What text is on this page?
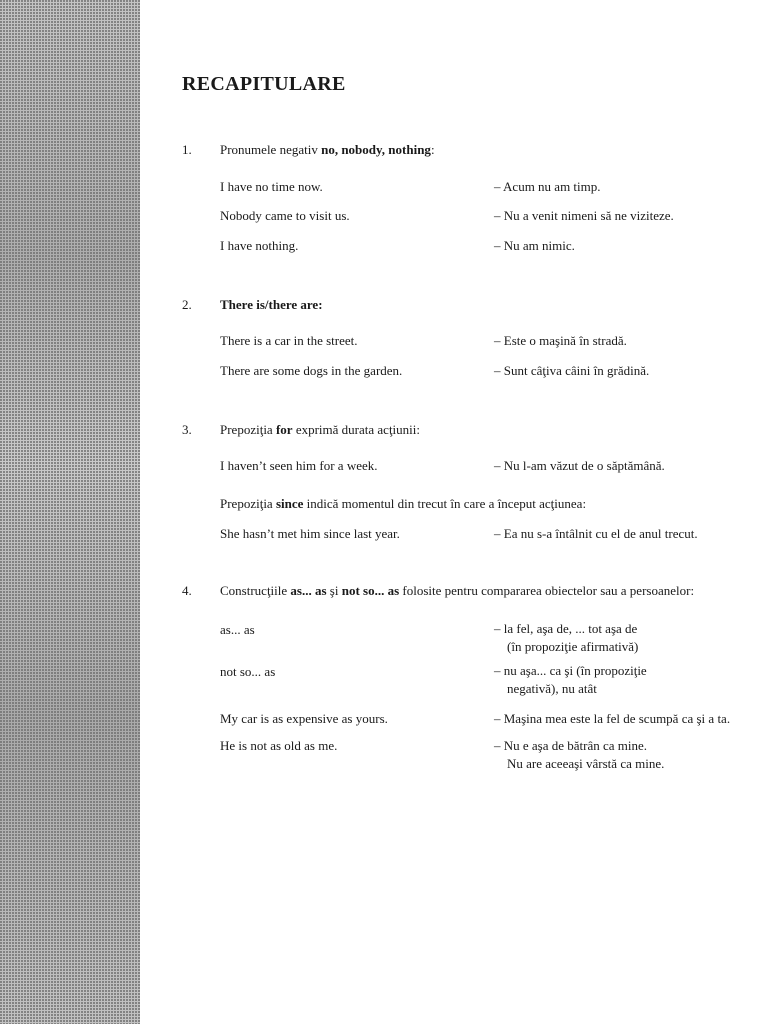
RECAPITULARE
1. Pronumele negativ no, nobody, nothing:
I have no time now.	– Acum nu am timp.
Nobody came to visit us.	– Nu a venit nimeni să ne viziteze.
I have nothing.	– Nu am nimic.
2. There is/there are:
There is a car in the street.	– Este o maşină în stradă.
There are some dogs in the garden.	– Sunt câţiva câini în grădină.
3. Prepoziţia for exprimă durata acţiunii:
I haven’t seen him for a week.	– Nu l-am văzut de o săptămână.
Prepoziţia since indică momentul din trecut în care a început acţiunea:
She hasn’t met him since last year.	– Ea nu s-a întâlnit cu el de anul trecut.
4. Construcţiile as... as şi not so... as folosite pentru compararea obiectelor sau a persoanelor:
as... as	– la fel, aşa de, ... tot aşa de
(în propoziţie afirmativă)
not so... as	– nu aşa... ca şi (în propoziţie
negativă), nu atât
My car is as expensive as yours.	– Maşina mea este la fel de scumpă ca şi a ta.
He is not as old as me.	– Nu e aşa de bătrân ca mine.
Nu are aceeaşi vârstă ca mine.
